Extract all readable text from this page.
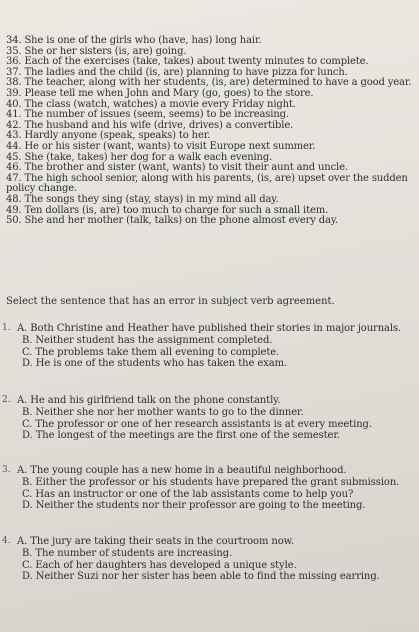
34. She is one of the girls who (have, has) long hair.
35. She or her sisters (is, are) going.
36. Each of the exercises (take, takes) about twenty minutes to complete.
37. The ladies and the child (is, are) planning to have pizza for lunch.
38. The teacher, along with her students, (is, are) determined to have a good year.
39. Please tell me when John and Mary (go, goes) to the store.
40. The class (watch, watches) a movie every Friday night.
41. The number of issues (seem, seems) to be increasing.
42. The husband and his wife (drive, drives) a convertible.
43. Hardly anyone (speak, speaks) to her.
44. He or his sister (want, wants) to visit Europe next summer.
45. She (take, takes) her dog for a walk each evening.
46. The brother and sister (want, wants) to visit their aunt and uncle.
47. The high school senior, along with his parents, (is, are) upset over the sudden policy change.
48. The songs they sing (stay, stays) in my mind all day.
49. Ten dollars (is, are) too much to charge for such a small item.
50. She and her mother (talk, talks) on the phone almost every day.
Select the sentence that has an error in subject verb agreement.
1. A. Both Christine and Heather have published their stories in major journals.
B. Neither student has the assignment completed.
C. The problems take them all evening to complete.
D. He is one of the students who has taken the exam.
2. A. He and his girlfriend talk on the phone constantly.
B. Neither she nor her mother wants to go to the dinner.
C. The professor or one of her research assistants is at every meeting.
D. The longest of the meetings are the first one of the semester.
3. A. The young couple has a new home in a beautiful neighborhood.
B. Either the professor or his students have prepared the grant submission.
C. Has an instructor or one of the lab assistants come to help you?
D. Neither the students nor their professor are going to the meeting.
4. A. The jury are taking their seats in the courtroom now.
B. The number of students are increasing.
C. Each of her daughters has developed a unique style.
D. Neither Suzi nor her sister has been able to find the missing earring.
